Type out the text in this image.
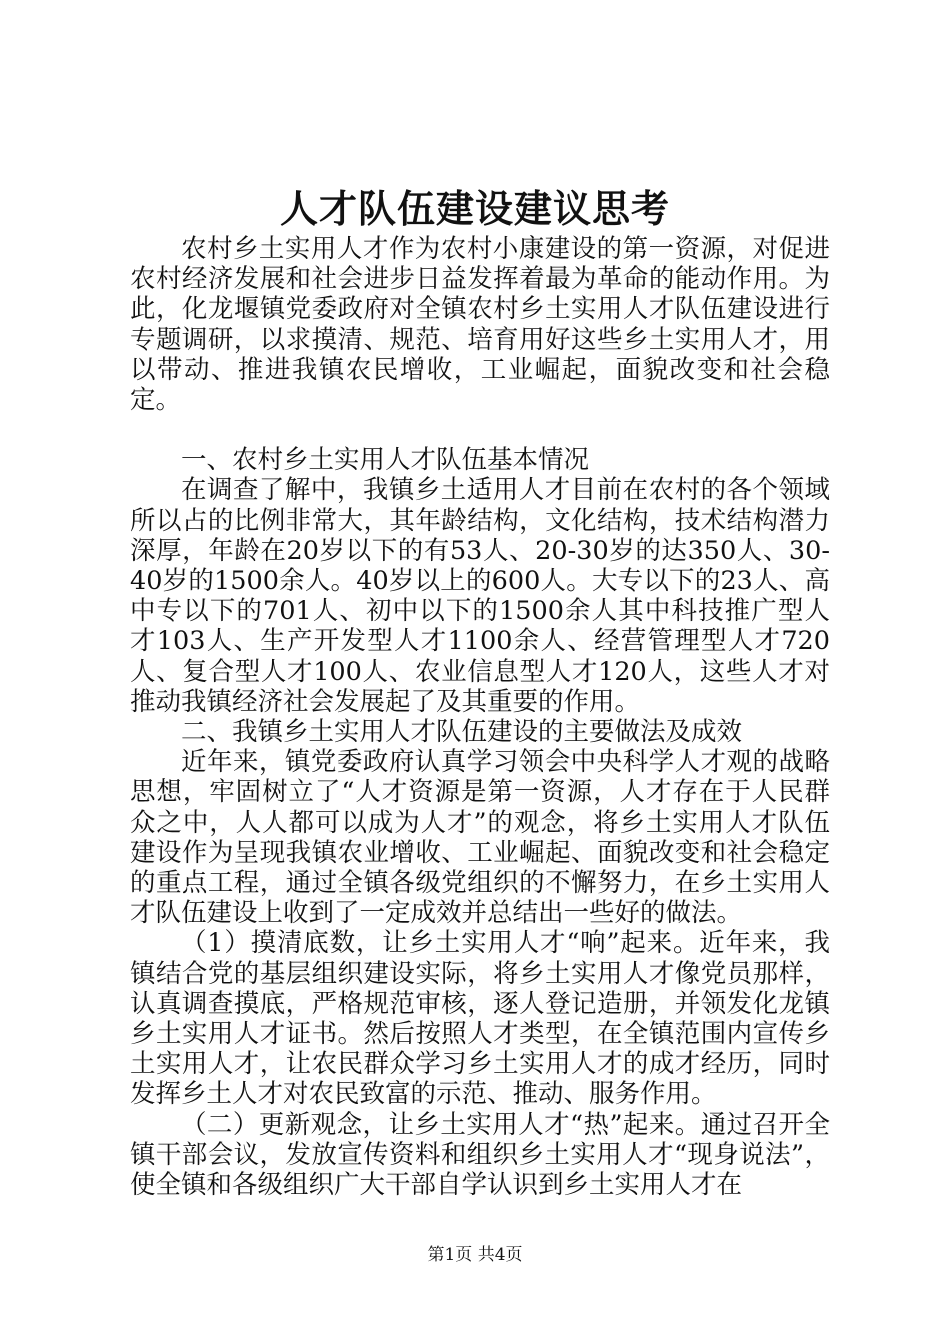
人才队伍建设建议思考

农村乡土实用人才作为农村小康建设的第一资源，对促进农村经济发展和社会进步日益发挥着最为革命的能动作用。为此，化龙堰镇党委政府对全镇农村乡土实用人才队伍建设进行专题调研，以求摸清、规范、培育用好这些乡土实用人才，用以带动、推进我镇农民增收，工业崛起，面貌改变和社会稳定。

一、农村乡土实用人才队伍基本情况

在调查了解中，我镇乡土适用人才目前在农村的各个领域所以占的比例非常大，其年龄结构，文化结构，技术结构潜力深厚，年龄在20岁以下的有53人、20-30岁的达350人、30-40岁的1500余人。40岁以上的600人。大专以下的23人、高中专以下的701人、初中以下的1500余人其中科技推广型人才103人、生产开发型人才1100余人、经营管理型人才720人、复合型人才100人、农业信息型人才120人，这些人才对推动我镇经济社会发展起了及其重要的作用。

二、我镇乡土实用人才队伍建设的主要做法及成效

近年来，镇党委政府认真学习领会中央科学人才观的战略思想，牢固树立了“人才资源是第一资源，人才存在于人民群众之中，人人都可以成为人才”的观念，将乡土实用人才队伍建设作为呈现我镇农业增收、工业崛起、面貌改变和社会稳定的重点工程，通过全镇各级党组织的不懈努力，在乡土实用人才队伍建设上收到了一定成效并总结出一些好的做法。

（1）摸清底数，让乡土实用人才“响”起来。近年来，我镇结合党的基层组织建设实际，将乡土实用人才像党员那样，认真调查摸底，严格规范审核，逐人登记造册，并领发化龙镇乡土实用人才证书。然后按照人才类型，在全镇范围内宣传乡土实用人才，让农民群众学习乡土实用人才的成才经历，同时发挥乡土人才对农民致富的示范、推动、服务作用。

（二）更新观念，让乡土实用人才“热”起来。通过召开全镇干部会议，发放宣传资料和组织乡土实用人才“现身说法”，使全镇和各级组织广大干部自学认识到乡土实用人才在

第1页 共4页
